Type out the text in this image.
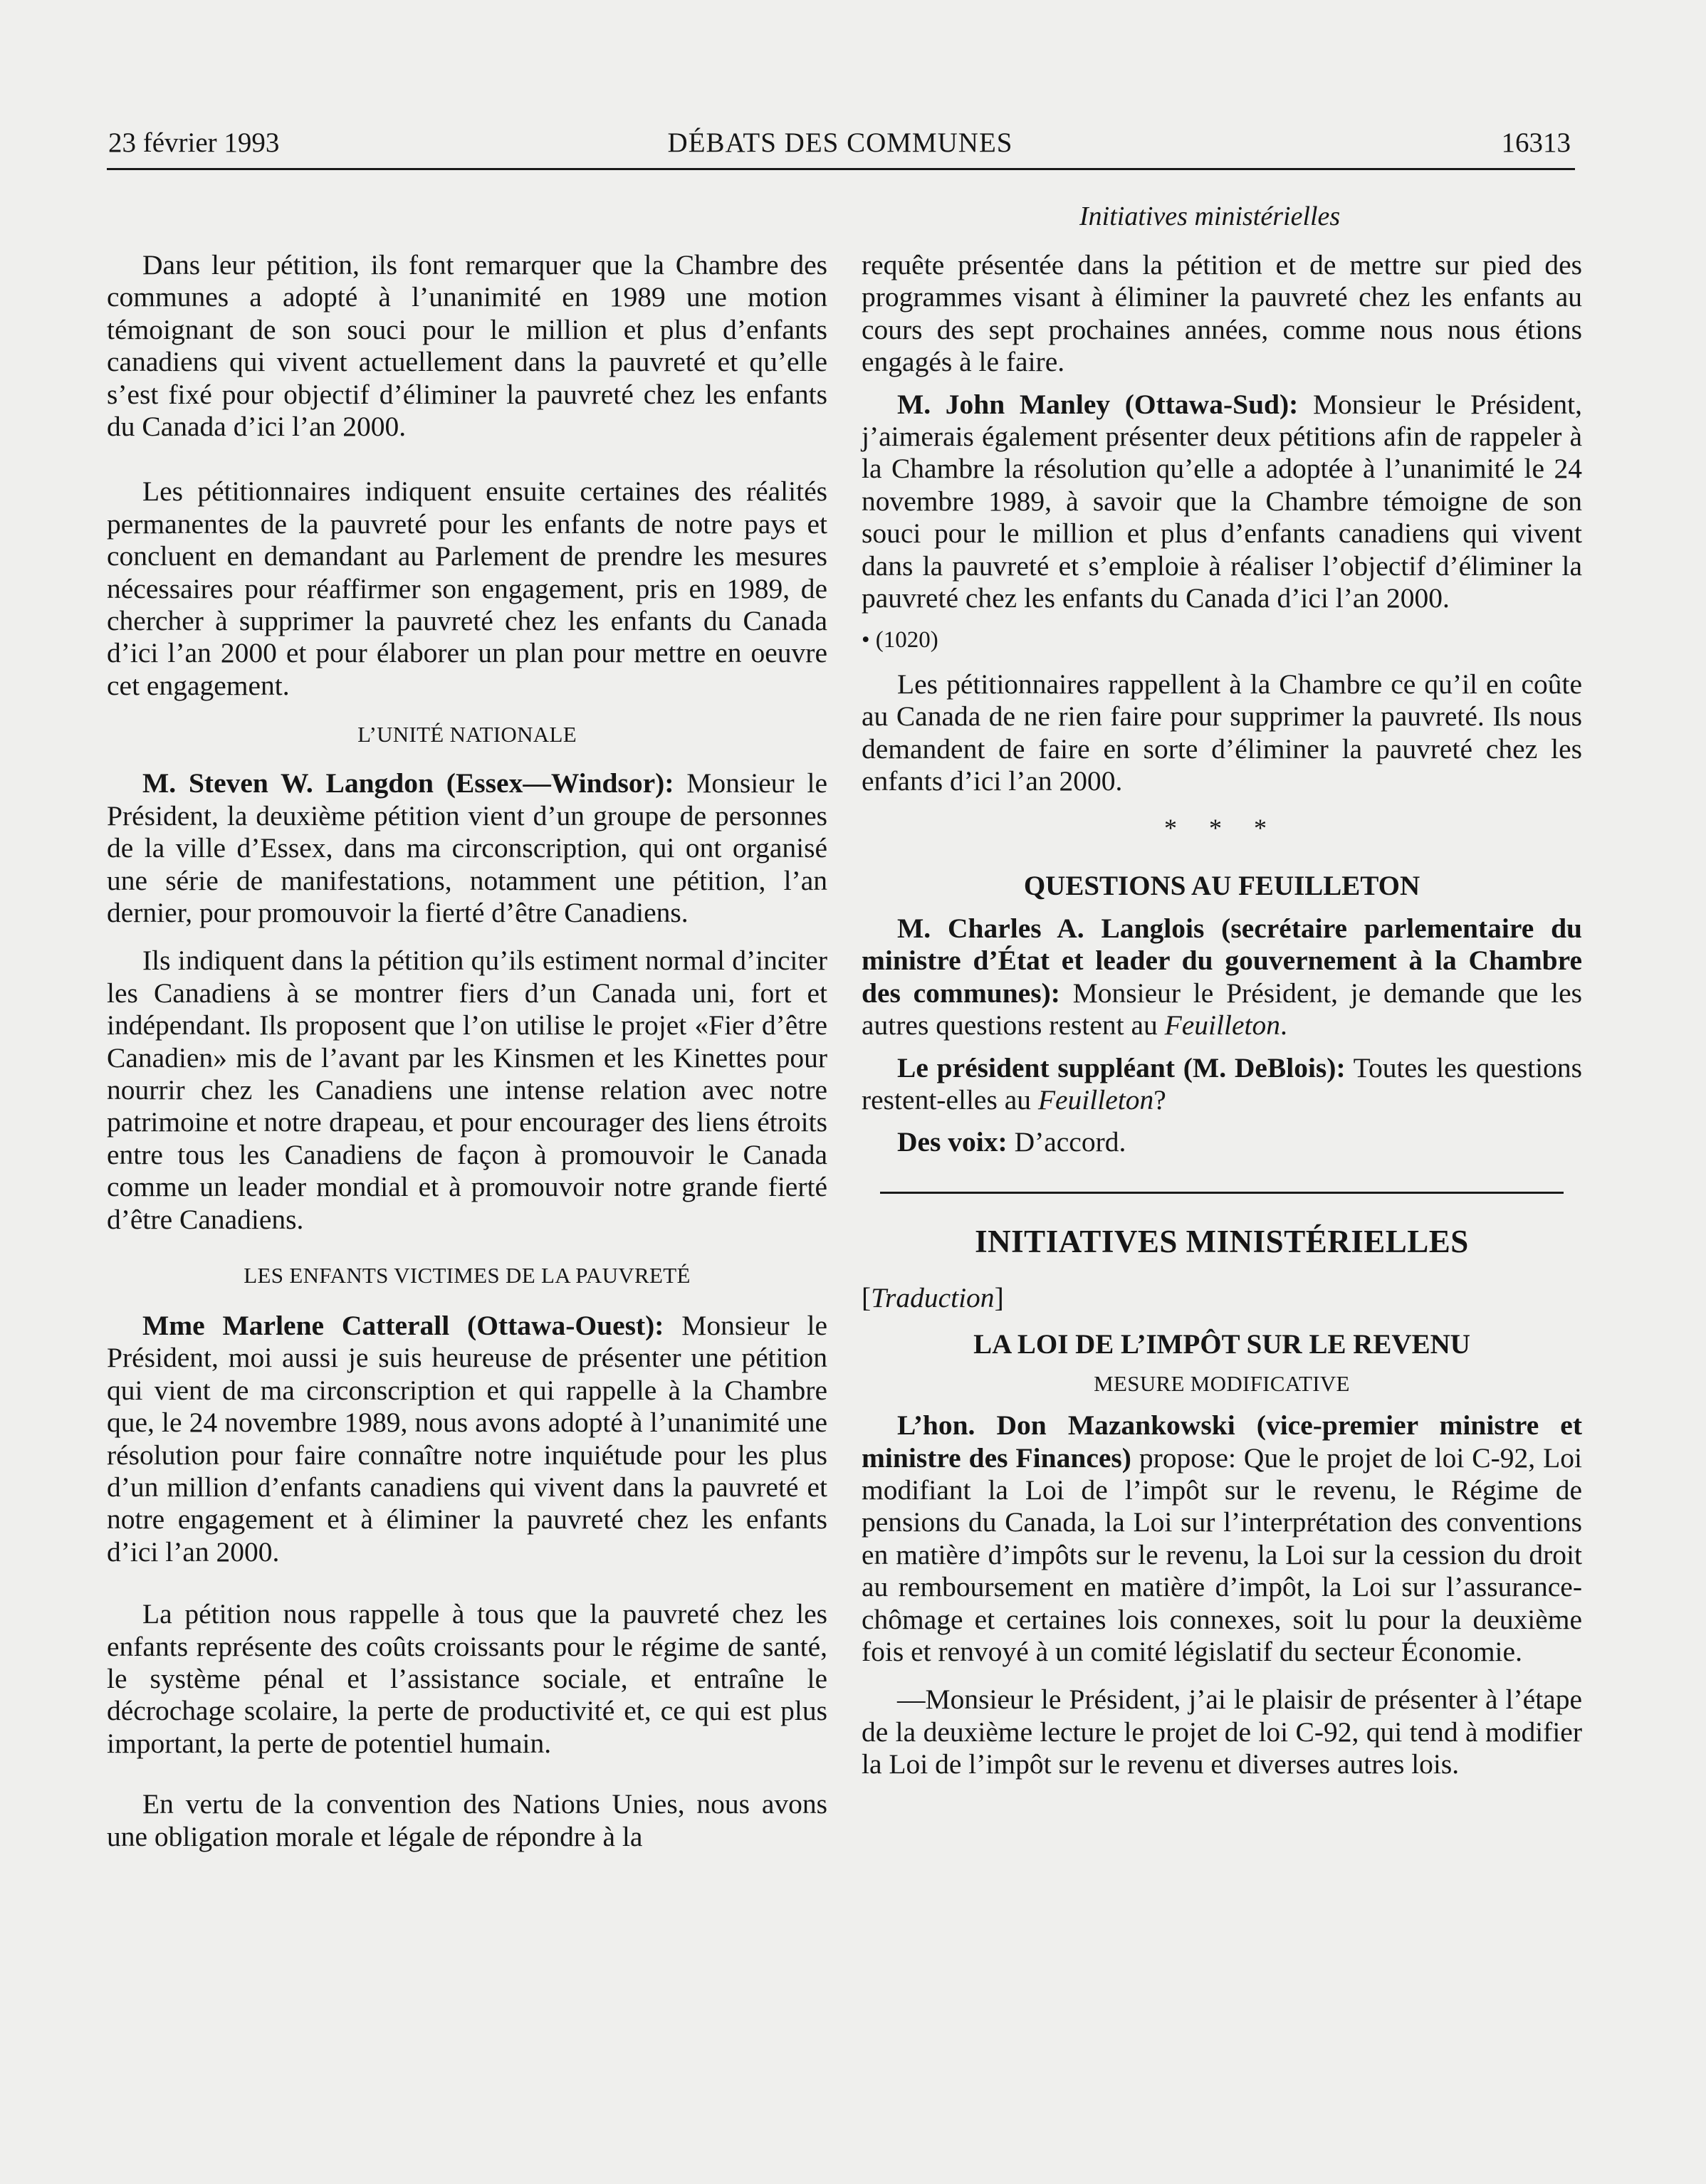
23 février 1993	DÉBATS DES COMMUNES	16313
Initiatives ministérielles

Dans leur pétition, ils font remarquer que la Chambre des communes a adopté à l’unanimité en 1989 une motion témoignant de son souci pour le million et plus d’enfants canadiens qui vivent actuellement dans la pauvreté et qu’elle s’est fixé pour objectif d’éliminer la pauvreté chez les enfants du Canada d’ici l’an 2000.

Les pétitionnaires indiquent ensuite certaines des réalités permanentes de la pauvreté pour les enfants de notre pays et concluent en demandant au Parlement de prendre les mesures nécessaires pour réaffirmer son engagement, pris en 1989, de chercher à supprimer la pauvreté chez les enfants du Canada d’ici l’an 2000 et pour élaborer un plan pour mettre en oeuvre cet engagement.

L’UNITÉ NATIONALE

M. Steven W. Langdon (Essex—Windsor): Monsieur le Président, la deuxième pétition vient d’un groupe de personnes de la ville d’Essex, dans ma circonscription, qui ont organisé une série de manifestations, notamment une pétition, l’an dernier, pour promouvoir la fierté d’être Canadiens.

Ils indiquent dans la pétition qu’ils estiment normal d’inciter les Canadiens à se montrer fiers d’un Canada uni, fort et indépendant. Ils proposent que l’on utilise le projet «Fier d’être Canadien» mis de l’avant par les Kinsmen et les Kinettes pour nourrir chez les Canadiens une intense relation avec notre patrimoine et notre drapeau, et pour encourager des liens étroits entre tous les Canadiens de façon à promouvoir le Canada comme un leader mondial et à promouvoir notre grande fierté d’être Canadiens.

LES ENFANTS VICTIMES DE LA PAUVRETÉ

Mme Marlene Catterall (Ottawa-Ouest): Monsieur le Président, moi aussi je suis heureuse de présenter une pétition qui vient de ma circonscription et qui rappelle à la Chambre que, le 24 novembre 1989, nous avons adopté à l’unanimité une résolution pour faire connaître notre inquiétude pour les plus d’un million d’enfants canadiens qui vivent dans la pauvreté et notre engagement et à éliminer la pauvreté chez les enfants d’ici l’an 2000.

La pétition nous rappelle à tous que la pauvreté chez les enfants représente des coûts croissants pour le régime de santé, le système pénal et l’assistance sociale, et entraîne le décrochage scolaire, la perte de productivité et, ce qui est plus important, la perte de potentiel humain.

En vertu de la convention des Nations Unies, nous avons une obligation morale et légale de répondre à la

requête présentée dans la pétition et de mettre sur pied des programmes visant à éliminer la pauvreté chez les enfants au cours des sept prochaines années, comme nous nous étions engagés à le faire.

M. John Manley (Ottawa-Sud): Monsieur le Président, j’aimerais également présenter deux pétitions afin de rappeler à la Chambre la résolution qu’elle a adoptée à l’unanimité le 24 novembre 1989, à savoir que la Chambre témoigne de son souci pour le million et plus d’enfants canadiens qui vivent dans la pauvreté et s’emploie à réaliser l’objectif d’éliminer la pauvreté chez les enfants du Canada d’ici l’an 2000.

• (1020)

Les pétitionnaires rappellent à la Chambre ce qu’il en coûte au Canada de ne rien faire pour supprimer la pauvreté. Ils nous demandent de faire en sorte d’éliminer la pauvreté chez les enfants d’ici l’an 2000.

* * *
QUESTIONS AU FEUILLETON

M. Charles A. Langlois (secrétaire parlementaire du ministre d’État et leader du gouvernement à la Chambre des communes): Monsieur le Président, je demande que les autres questions restent au Feuilleton.

Le président suppléant (M. DeBlois): Toutes les questions restent-elles au Feuilleton?

Des voix: D’accord.

INITIATIVES MINISTÉRIELLES
[Traduction]
LA LOI DE L’IMPÔT SUR LE REVENU
MESURE MODIFICATIVE

L’hon. Don Mazankowski (vice-premier ministre et ministre des Finances) propose: Que le projet de loi C-92, Loi modifiant la Loi de l’impôt sur le revenu, le Régime de pensions du Canada, la Loi sur l’interprétation des conventions en matière d’impôts sur le revenu, la Loi sur la cession du droit au remboursement en matière d’impôt, la Loi sur l’assurance-chômage et certaines lois connexes, soit lu pour la deuxième fois et renvoyé à un comité législatif du secteur Économie.

—Monsieur le Président, j’ai le plaisir de présenter à l’étape de la deuxième lecture le projet de loi C-92, qui tend à modifier la Loi de l’impôt sur le revenu et diverses autres lois.
